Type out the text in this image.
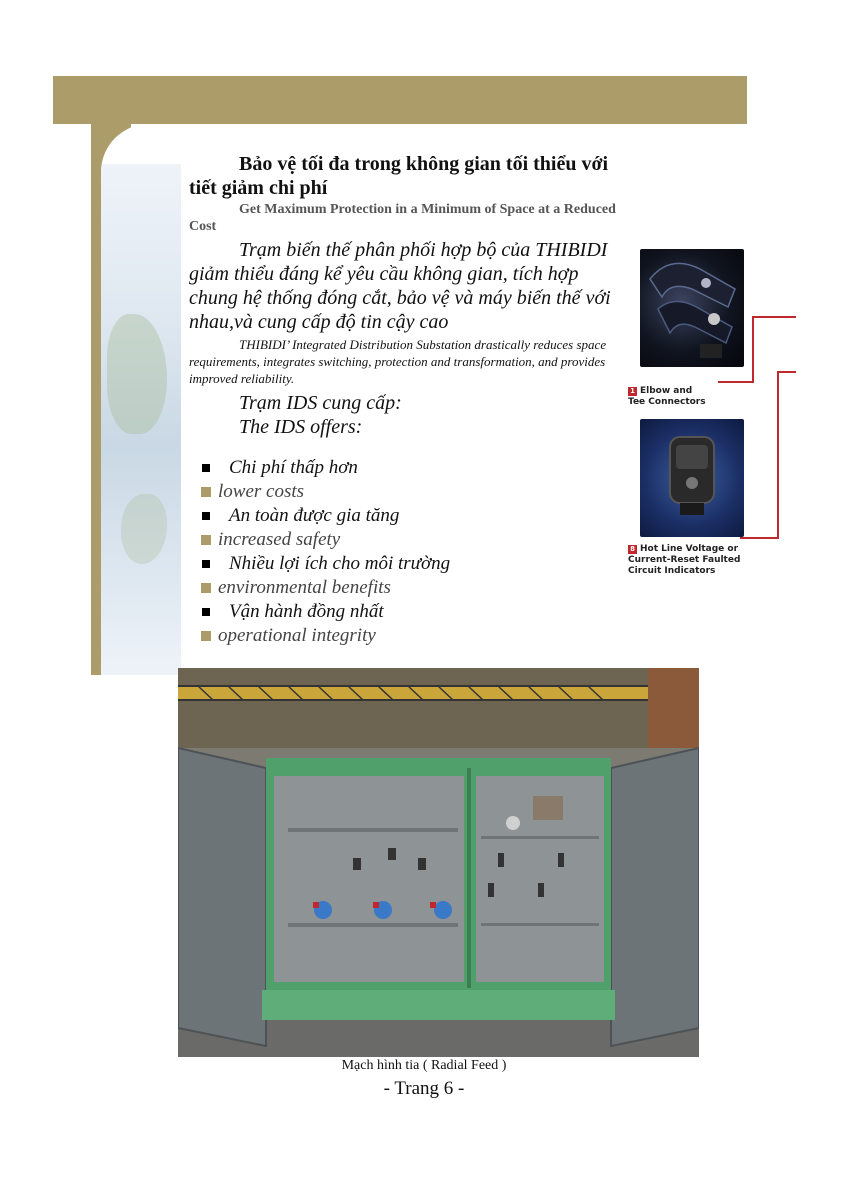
Bảo vệ tối đa trong không gian tối thiểu với tiết giảm chi phí

Get Maximum Protection in a Minimum of Space at a Reduced Cost

Trạm biến thế phân phối hợp bộ của THIBIDI giảm thiểu đáng kể yêu cầu không gian, tích hợp chung hệ thống đóng cắt, bảo vệ và máy biến thế với nhau,và cung cấp độ tin cậy cao

THIBIDI’ Integrated Distribution Substation drastically reduces space requirements, integrates switching, protection and transformation, and provides improved reliability.

Trạm IDS cung cấp:

The IDS offers:

Chi phí thấp hơn
lower costs
An toàn được gia tăng
increased safety
Nhiều lợi ích cho môi trường
environmental benefits
Vận hành đồng nhất
operational integrity
1 Elbow and
Tee Connectors
8 Hot Line Voltage or
Current-Reset Faulted
Circuit Indicators
Mạch hình tia ( Radial Feed )
- Trang 6 -
